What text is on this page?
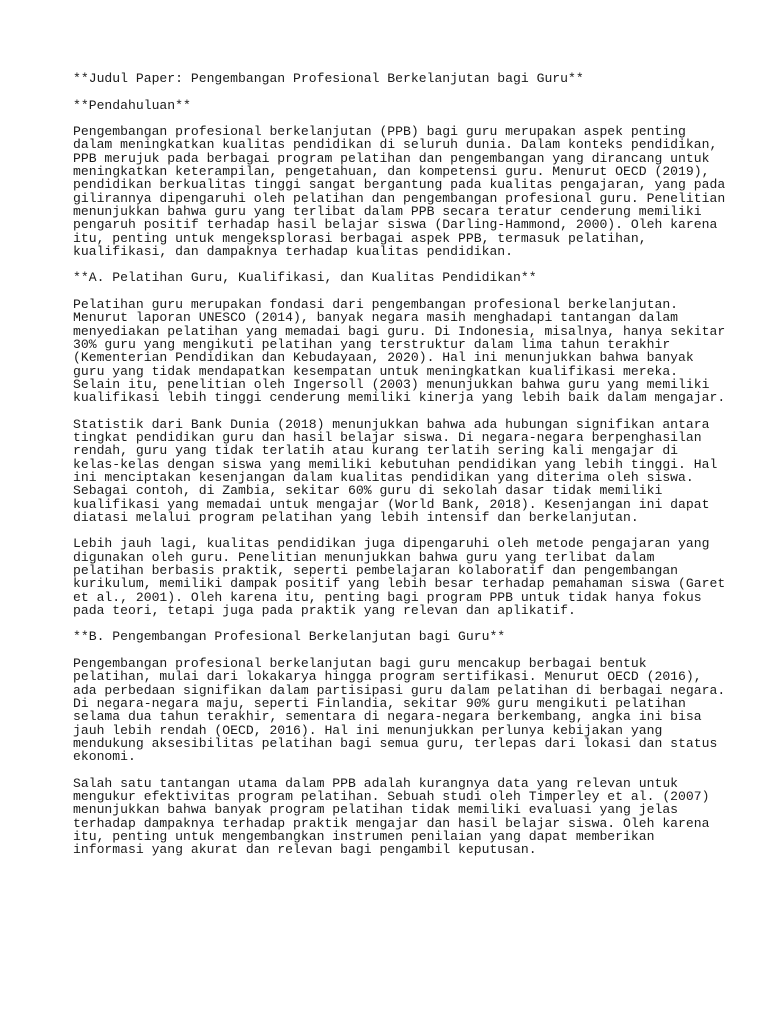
**Judul Paper: Pengembangan Profesional Berkelanjutan bagi Guru**
**Pendahuluan**
Pengembangan profesional berkelanjutan (PPB) bagi guru merupakan aspek penting
dalam meningkatkan kualitas pendidikan di seluruh dunia. Dalam konteks pendidikan,
PPB merujuk pada berbagai program pelatihan dan pengembangan yang dirancang untuk
meningkatkan keterampilan, pengetahuan, dan kompetensi guru. Menurut OECD (2019),
pendidikan berkualitas tinggi sangat bergantung pada kualitas pengajaran, yang pada
gilirannya dipengaruhi oleh pelatihan dan pengembangan profesional guru. Penelitian
menunjukkan bahwa guru yang terlibat dalam PPB secara teratur cenderung memiliki
pengaruh positif terhadap hasil belajar siswa (Darling-Hammond, 2000). Oleh karena
itu, penting untuk mengeksplorasi berbagai aspek PPB, termasuk pelatihan,
kualifikasi, dan dampaknya terhadap kualitas pendidikan.
**A. Pelatihan Guru, Kualifikasi, dan Kualitas Pendidikan**
Pelatihan guru merupakan fondasi dari pengembangan profesional berkelanjutan.
Menurut laporan UNESCO (2014), banyak negara masih menghadapi tantangan dalam
menyediakan pelatihan yang memadai bagi guru. Di Indonesia, misalnya, hanya sekitar
30% guru yang mengikuti pelatihan yang terstruktur dalam lima tahun terakhir
(Kementerian Pendidikan dan Kebudayaan, 2020). Hal ini menunjukkan bahwa banyak
guru yang tidak mendapatkan kesempatan untuk meningkatkan kualifikasi mereka.
Selain itu, penelitian oleh Ingersoll (2003) menunjukkan bahwa guru yang memiliki
kualifikasi lebih tinggi cenderung memiliki kinerja yang lebih baik dalam mengajar.
Statistik dari Bank Dunia (2018) menunjukkan bahwa ada hubungan signifikan antara
tingkat pendidikan guru dan hasil belajar siswa. Di negara-negara berpenghasilan
rendah, guru yang tidak terlatih atau kurang terlatih sering kali mengajar di
kelas-kelas dengan siswa yang memiliki kebutuhan pendidikan yang lebih tinggi. Hal
ini menciptakan kesenjangan dalam kualitas pendidikan yang diterima oleh siswa.
Sebagai contoh, di Zambia, sekitar 60% guru di sekolah dasar tidak memiliki
kualifikasi yang memadai untuk mengajar (World Bank, 2018). Kesenjangan ini dapat
diatasi melalui program pelatihan yang lebih intensif dan berkelanjutan.
Lebih jauh lagi, kualitas pendidikan juga dipengaruhi oleh metode pengajaran yang
digunakan oleh guru. Penelitian menunjukkan bahwa guru yang terlibat dalam
pelatihan berbasis praktik, seperti pembelajaran kolaboratif dan pengembangan
kurikulum, memiliki dampak positif yang lebih besar terhadap pemahaman siswa (Garet
et al., 2001). Oleh karena itu, penting bagi program PPB untuk tidak hanya fokus
pada teori, tetapi juga pada praktik yang relevan dan aplikatif.
**B. Pengembangan Profesional Berkelanjutan bagi Guru**
Pengembangan profesional berkelanjutan bagi guru mencakup berbagai bentuk
pelatihan, mulai dari lokakarya hingga program sertifikasi. Menurut OECD (2016),
ada perbedaan signifikan dalam partisipasi guru dalam pelatihan di berbagai negara.
Di negara-negara maju, seperti Finlandia, sekitar 90% guru mengikuti pelatihan
selama dua tahun terakhir, sementara di negara-negara berkembang, angka ini bisa
jauh lebih rendah (OECD, 2016). Hal ini menunjukkan perlunya kebijakan yang
mendukung aksesibilitas pelatihan bagi semua guru, terlepas dari lokasi dan status
ekonomi.
Salah satu tantangan utama dalam PPB adalah kurangnya data yang relevan untuk
mengukur efektivitas program pelatihan. Sebuah studi oleh Timperley et al. (2007)
menunjukkan bahwa banyak program pelatihan tidak memiliki evaluasi yang jelas
terhadap dampaknya terhadap praktik mengajar dan hasil belajar siswa. Oleh karena
itu, penting untuk mengembangkan instrumen penilaian yang dapat memberikan
informasi yang akurat dan relevan bagi pengambil keputusan.
